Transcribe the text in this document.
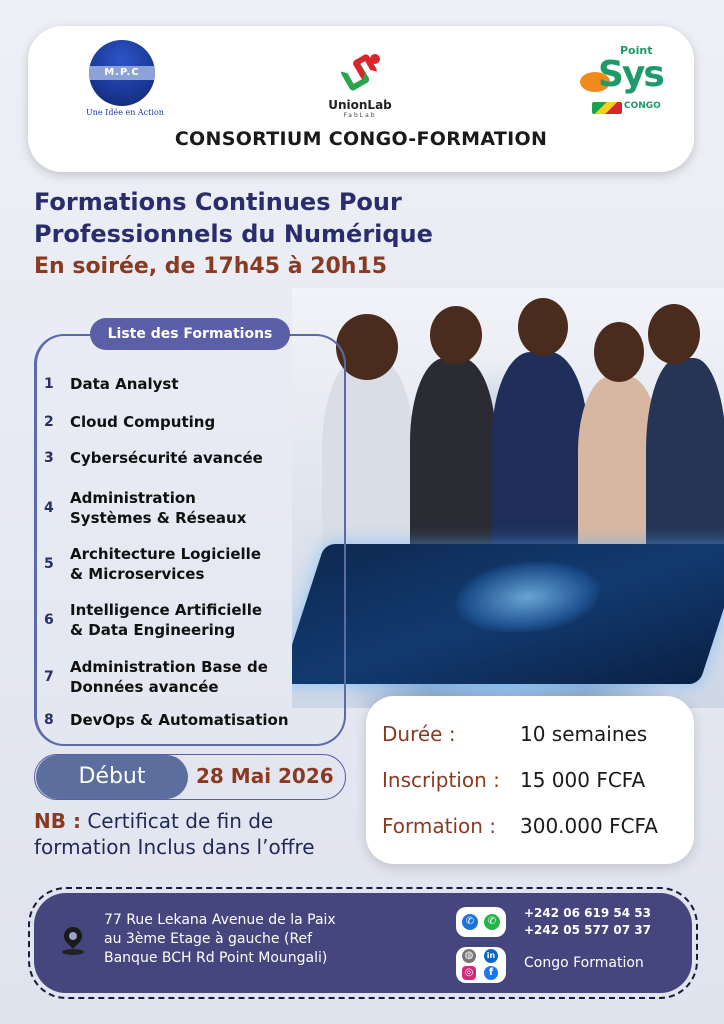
M.P.C
Une Idée en Action
UnionLab
FabLab
Point
Sys
CONGO
CONSORTIUM CONGO-FORMATION
Formations Continues Pour
Professionnels du Numérique
En soirée, de 17h45 à 20h15
Liste des Formations
1	Data Analyst
2	Cloud Computing
3	Cybersécurité avancée
4
Administration
Systèmes & Réseaux
5
Architecture Logicielle
& Microservices
6
Intelligence Artificielle
& Data Engineering
7
Administration Base de
Données avancée
8	DevOps & Automatisation
Durée :	10 semaines
Inscription :	15 000 FCFA
Formation :	300.000 FCFA
Début	28 Mai 2026
NB : Certificat de fin de
formation Inclus dans l’offre
77 Rue Lekana Avenue de la Paix
au 3ème Etage à gauche (Ref
Banque BCH Rd Point Moungali)
✆	✆
+242 06 619 54 53
+242 05 577 07 37
◍	in
◎	f
Congo Formation
